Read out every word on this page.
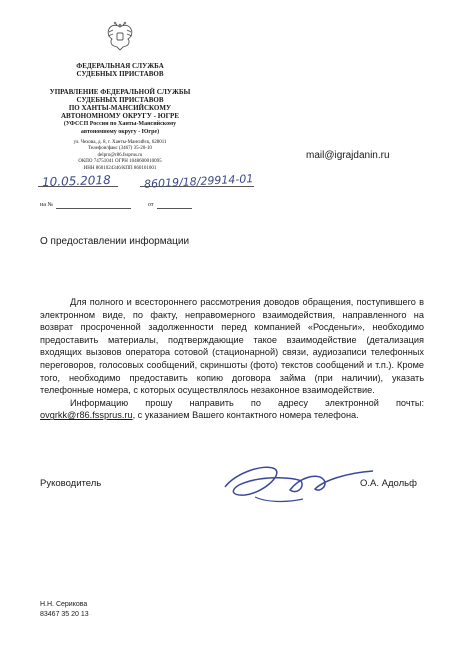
ФЕДЕРАЛЬНАЯ СЛУЖБА
СУДЕБНЫХ ПРИСТАВОВ
УПРАВЛЕНИЕ ФЕДЕРАЛЬНОЙ СЛУЖБЫ
СУДЕБНЫХ ПРИСТАВОВ
ПО ХАНТЫ-МАНСИЙСКОМУ
АВТОНОМНОМУ ОКРУГУ - ЮГРЕ
(УФССП России по Ханты-Мансийскому
автономному округу - Югре)
ул. Чехова, д. 8, г. Ханты-Мансийск, 628011
Телефон/факс (3467) 35-20-10
delpro@r86.fssprus.ru
ОКПО 74751041 ОГРН 1048600010095
ИНН 8601024346/КПП 860101001
10.05.2018	86019/18/29914-01
на №	от
mail@igrajdanin.ru
О предоставлении информации

Для полного и всестороннего рассмотрения доводов обращения, поступившего в электронном виде, по факту, неправомерного взаимодействия, направленного на возврат просроченной задолженности перед компанией «Росденьги», необходимо предоставить материалы, подтверждающие такое взаимодействие (детализация входящих вызовов оператора сотовой (стационарной) связи, аудиозаписи телефонных переговоров, голосовых сообщений, скриншоты (фото) текстов сообщений и т.п.). Кроме того, необходимо предоставить копию договора займа (при наличии), указать телефонные номера, с которых осуществлялось незаконное взаимодействие.

Информацию прошу направить по адресу электронной почты: ovgrkk@r86.fssprus.ru, с указанием Вашего контактного номера телефона.

Руководитель	О.А. Адольф
Н.Н. Серикова
83467 35 20 13
